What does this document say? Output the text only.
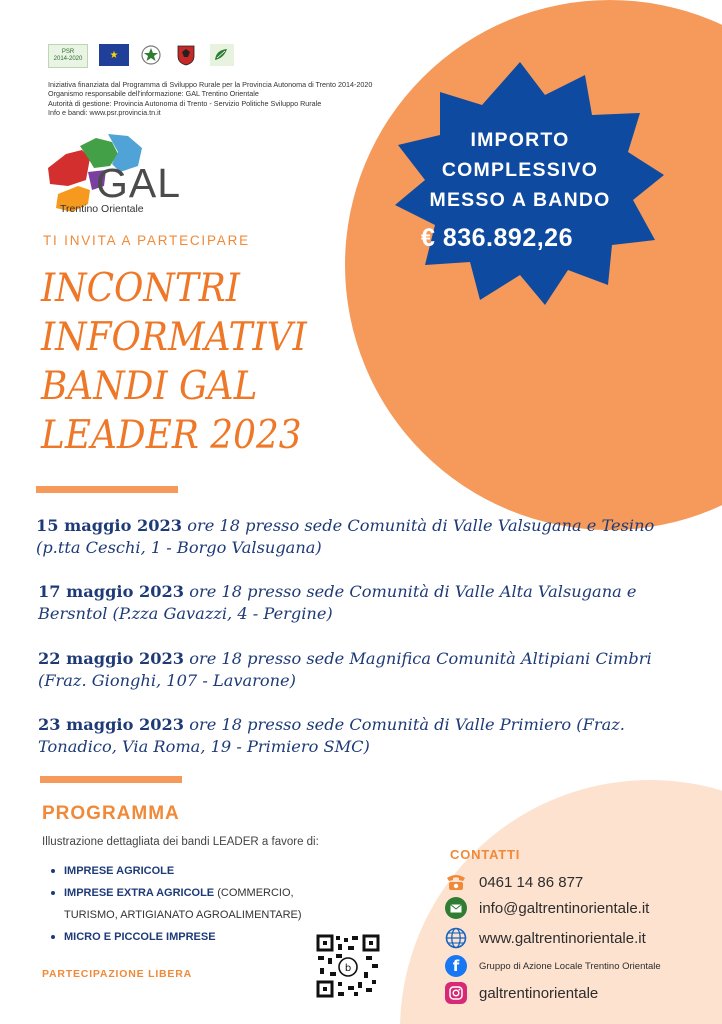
PSR
2014-2020	★
Iniziativa finanziata dal Programma di Sviluppo Rurale per la Provincia Autonoma di Trento 2014-2020
Organismo responsabile dell'informazione: GAL Trentino Orientale
Autorità di gestione: Provincia Autonoma di Trento - Servizio Politiche Sviluppo Rurale
Info e bandi: www.psr.provincia.tn.it
GAL
Trentino Orientale
TI INVITA A PARTECIPARE
INCONTRI
INFORMATIVI
BANDI GAL
LEADER 2023
IMPORTO
COMPLESSIVO
MESSO A BANDO
€ 836.892,26
15 maggio 2023 ore 18 presso sede Comunità di Valle Valsugana e Tesino (p.tta Ceschi, 1 - Borgo Valsugana)
17 maggio 2023 ore 18 presso sede Comunità di Valle Alta Valsugana e Bersntol (P.zza Gavazzi, 4 - Pergine)
22 maggio 2023 ore 18 presso sede Magnifica Comunità Altipiani Cimbri (Fraz. Gionghi, 107 - Lavarone)
23 maggio 2023 ore 18 presso sede Comunità di Valle Primiero (Fraz. Tonadico, Via Roma, 19 - Primiero SMC)
PROGRAMMA
Illustrazione dettagliata dei bandi LEADER a favore di:
IMPRESE AGRICOLE
IMPRESE EXTRA AGRICOLE (COMMERCIO,
TURISMO, ARTIGIANATO AGROALIMENTARE)
MICRO E PICCOLE IMPRESE
PARTECIPAZIONE LIBERA	b
CONTATTI
0461 14 86 877
info@galtrentinorientale.it
www.galtrentinorientale.it
f	Gruppo di Azione Locale Trentino Orientale
galtrentinorientale
